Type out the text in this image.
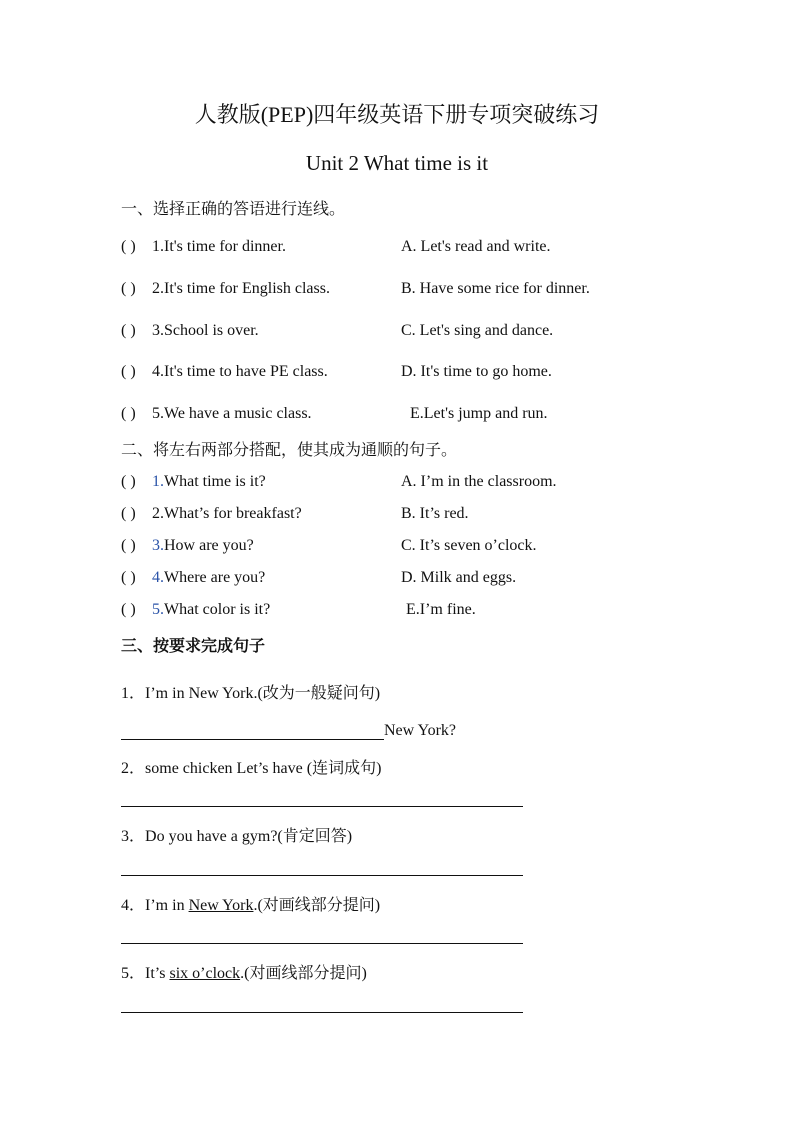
人教版(PEP)四年级英语下册专项突破练习
Unit 2 What time is it
一、选择正确的答语进行连线。
( ) 1.It's time for dinner.	A. Let's read and write.
( ) 2.It's time for English class.	B. Have some rice for dinner.
( ) 3.School is over.	C. Let's sing and dance.
( ) 4.It's time to have PE class.	D. It's time to go home.
( ) 5.We have a music class.	E.Let's jump and run.
二、将左右两部分搭配，使其成为通顺的句子。
( ) 1.What time is it?	A. I’m in the classroom.
( ) 2.What’s for breakfast?	B. It’s red.
( ) 3.How are you?	C. It’s seven o’clock.
( ) 4.Where are you?	D. Milk and eggs.
( ) 5.What color is it?	E.I’m fine.
三、按要求完成句子
1．I’m in New York.(改为一般疑问句)
New York?
2．some chicken Let’s have (连词成句)
3．Do you have a gym?(肯定回答)
4．I’m in New York.(对画线部分提问)
5．It’s six o’clock.(对画线部分提问)
